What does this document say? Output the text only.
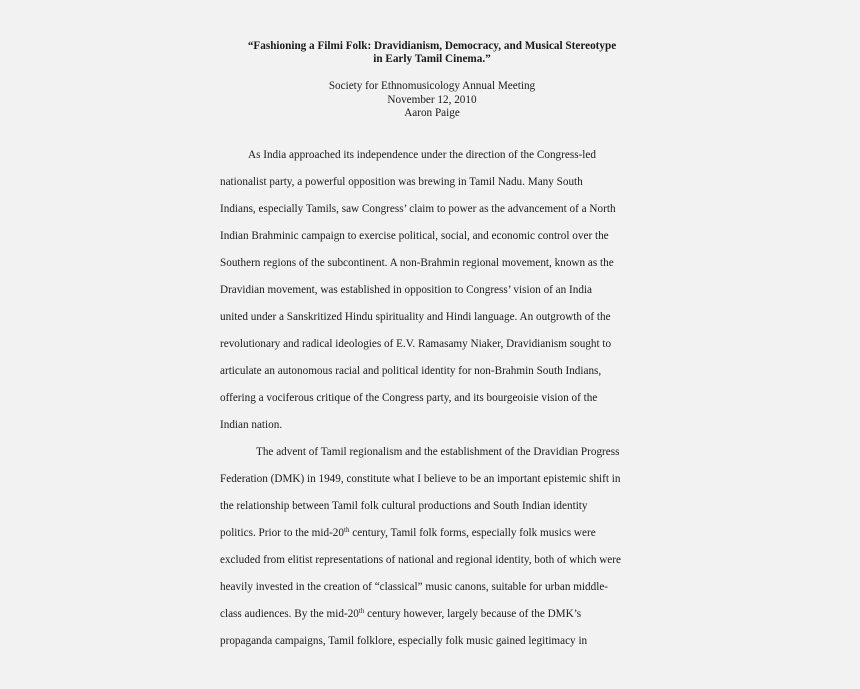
“Fashioning a Filmi Folk: Dravidianism, Democracy, and Musical Stereotype
in Early Tamil Cinema.”
Society for Ethnomusicology Annual Meeting
November 12, 2010
Aaron Paige
As India approached its independence under the direction of the Congress-led
nationalist party, a powerful opposition was brewing in Tamil Nadu. Many South
Indians, especially Tamils, saw Congress’ claim to power as the advancement of a North
Indian Brahminic campaign to exercise political, social, and economic control over the
Southern regions of the subcontinent. A non-Brahmin regional movement, known as the
Dravidian movement, was established in opposition to Congress’ vision of an India
united under a Sanskritized Hindu spirituality and Hindi language. An outgrowth of the
revolutionary and radical ideologies of E.V. Ramasamy Niaker, Dravidianism sought to
articulate an autonomous racial and political identity for non-Brahmin South Indians,
offering a vociferous critique of the Congress party, and its bourgeoisie vision of the
Indian nation.
The advent of Tamil regionalism and the establishment of the Dravidian Progress
Federation (DMK) in 1949, constitute what I believe to be an important epistemic shift in
the relationship between Tamil folk cultural productions and South Indian identity
politics. Prior to the mid-20th century, Tamil folk forms, especially folk musics were
excluded from elitist representations of national and regional identity, both of which were
heavily invested in the creation of “classical” music canons, suitable for urban middle-
class audiences. By the mid-20th century however, largely because of the DMK’s
propaganda campaigns, Tamil folklore, especially folk music gained legitimacy in
